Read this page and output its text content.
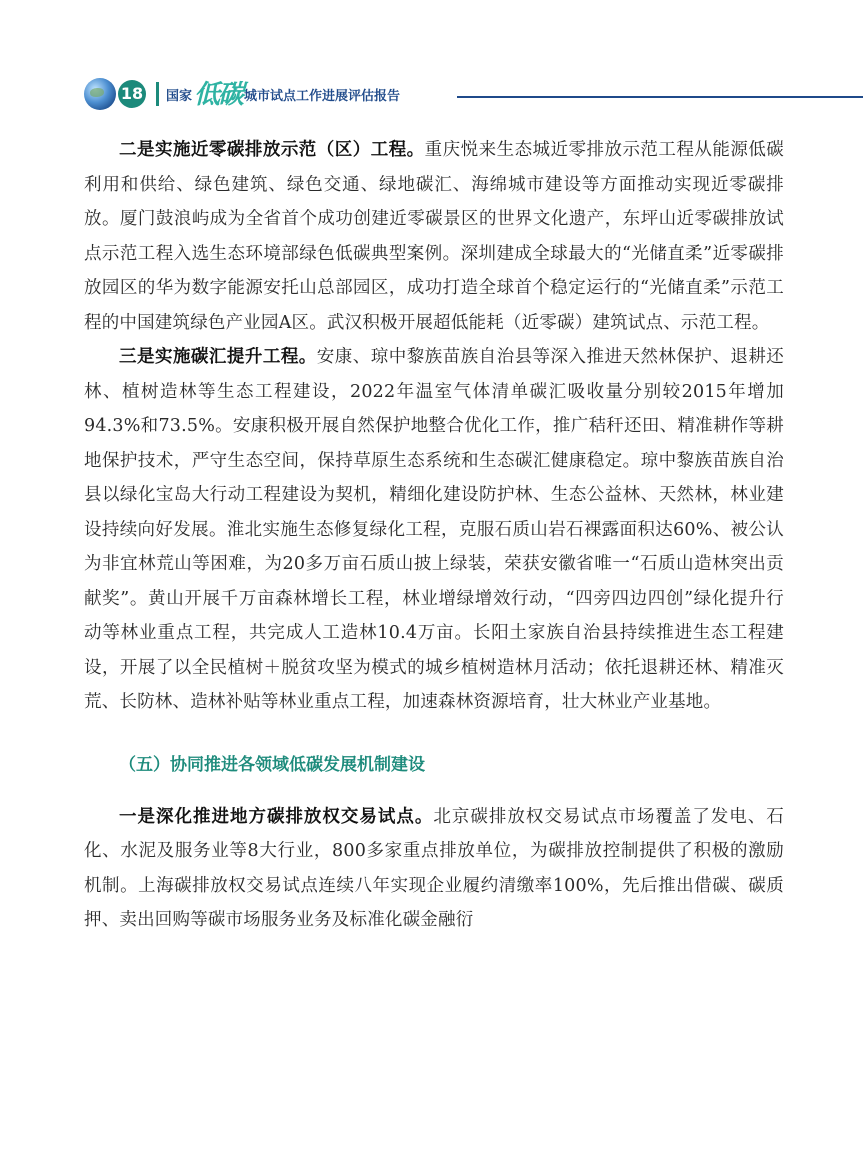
18 国家 低碳 城市试点工作进展评估报告

二是实施近零碳排放示范（区）工程。重庆悦来生态城近零排放示范工程从能源低碳利用和供给、绿色建筑、绿色交通、绿地碳汇、海绵城市建设等方面推动实现近零碳排放。厦门鼓浪屿成为全省首个成功创建近零碳景区的世界文化遗产，东坪山近零碳排放试点示范工程入选生态环境部绿色低碳典型案例。深圳建成全球最大的“光储直柔”近零碳排放园区的华为数字能源安托山总部园区，成功打造全球首个稳定运行的“光储直柔”示范工程的中国建筑绿色产业园A区。武汉积极开展超低能耗（近零碳）建筑试点、示范工程。

三是实施碳汇提升工程。安康、琼中黎族苗族自治县等深入推进天然林保护、退耕还林、植树造林等生态工程建设，2022年温室气体清单碳汇吸收量分别较2015年增加94.3%和73.5%。安康积极开展自然保护地整合优化工作，推广秸秆还田、精准耕作等耕地保护技术，严守生态空间，保持草原生态系统和生态碳汇健康稳定。琼中黎族苗族自治县以绿化宝岛大行动工程建设为契机，精细化建设防护林、生态公益林、天然林，林业建设持续向好发展。淮北实施生态修复绿化工程，克服石质山岩石裸露面积达60%、被公认为非宜林荒山等困难，为20多万亩石质山披上绿装，荣获安徽省唯一“石质山造林突出贡献奖”。黄山开展千万亩森林增长工程，林业增绿增效行动，“四旁四边四创”绿化提升行动等林业重点工程，共完成人工造林10.4万亩。长阳土家族自治县持续推进生态工程建设，开展了以全民植树＋脱贫攻坚为模式的城乡植树造林月活动；依托退耕还林、精准灭荒、长防林、造林补贴等林业重点工程，加速森林资源培育，壮大林业产业基地。

（五）协同推进各领域低碳发展机制建设

一是深化推进地方碳排放权交易试点。北京碳排放权交易试点市场覆盖了发电、石化、水泥及服务业等8大行业，800多家重点排放单位，为碳排放控制提供了积极的激励机制。上海碳排放权交易试点连续八年实现企业履约清缴率100%，先后推出借碳、碳质押、卖出回购等碳市场服务业务及标准化碳金融衍
